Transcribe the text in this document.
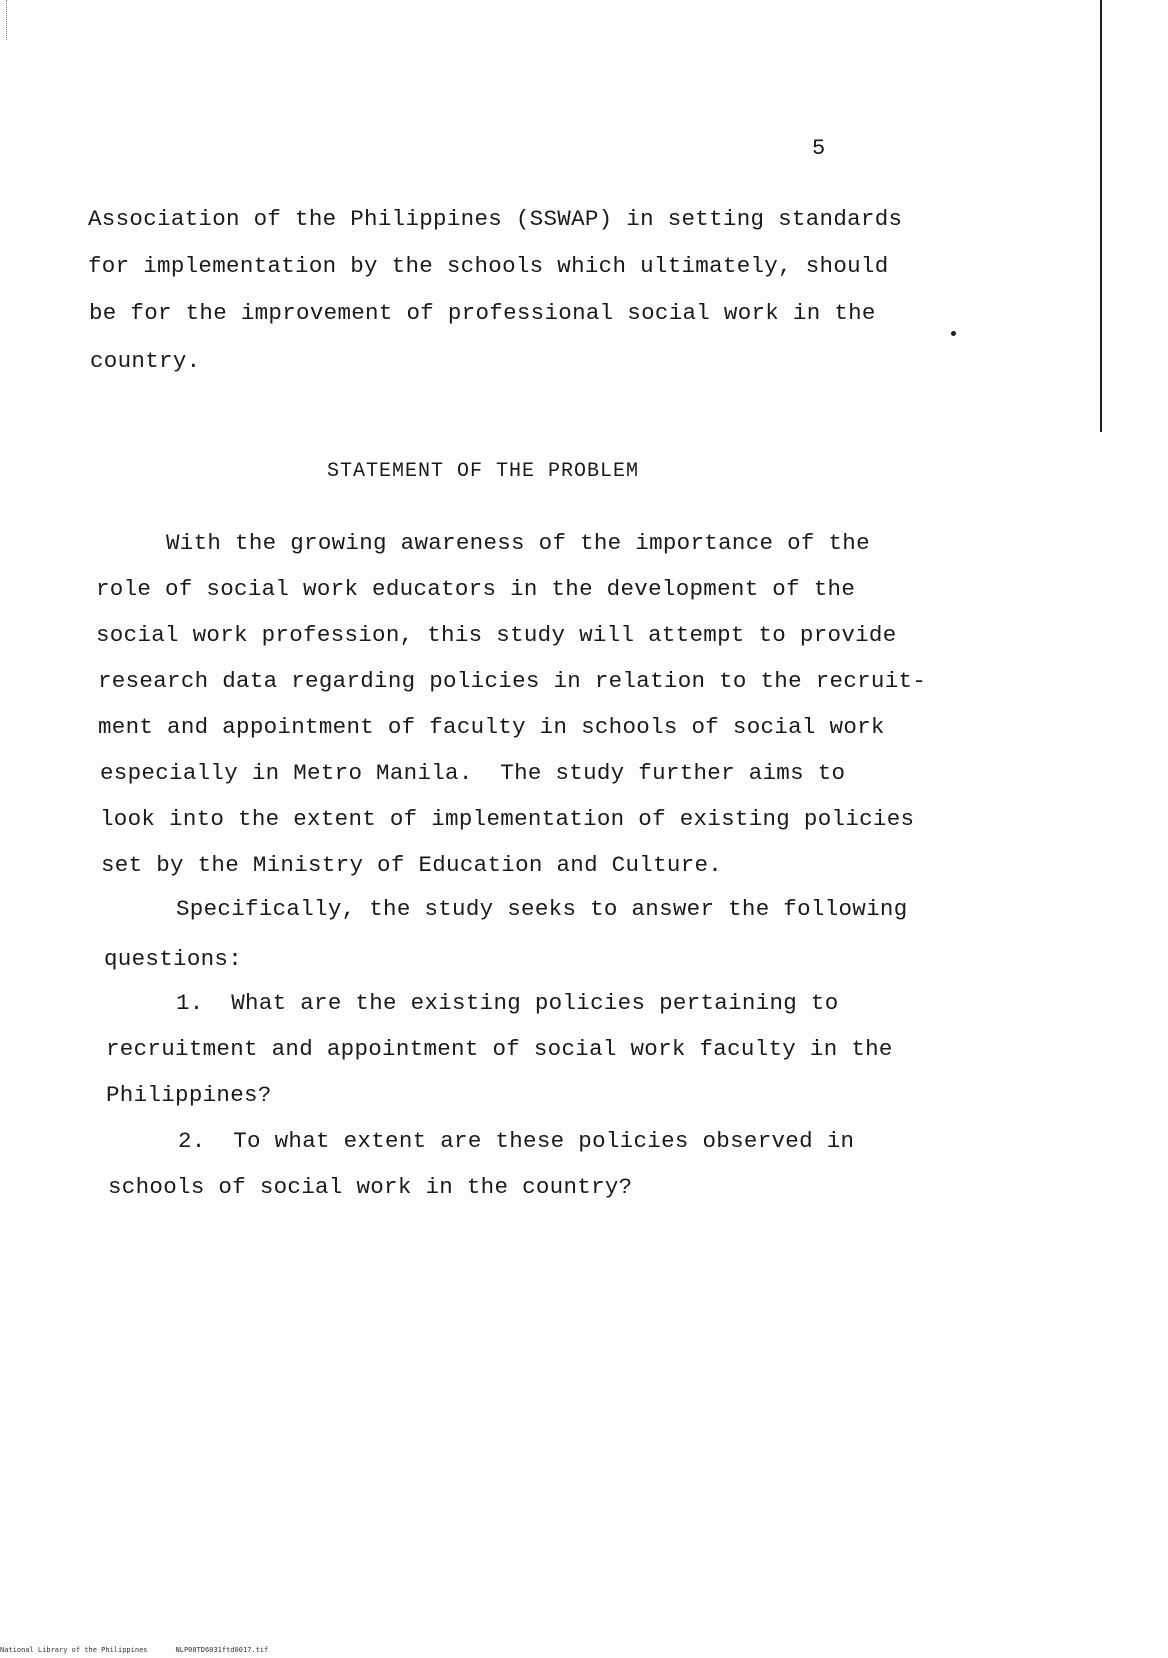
5
Association of the Philippines (SSWAP) in setting standards
for implementation by the schools which ultimately, should
be for the improvement of professional social work in the
country.
STATEMENT OF THE PROBLEM
With the growing awareness of the importance of the
role of social work educators in the development of the
social work profession, this study will attempt to provide
research data regarding policies in relation to the recruit-
ment and appointment of faculty in schools of social work
especially in Metro Manila.  The study further aims to
look into the extent of implementation of existing policies
set by the Ministry of Education and Culture.
Specifically, the study seeks to answer the following
questions:
1.  What are the existing policies pertaining to
recruitment and appointment of social work faculty in the
Philippines?
2.  To what extent are these policies observed in
schools of social work in the country?
National Library of the Philippines	NLP00TD6031ftd0017.tif
